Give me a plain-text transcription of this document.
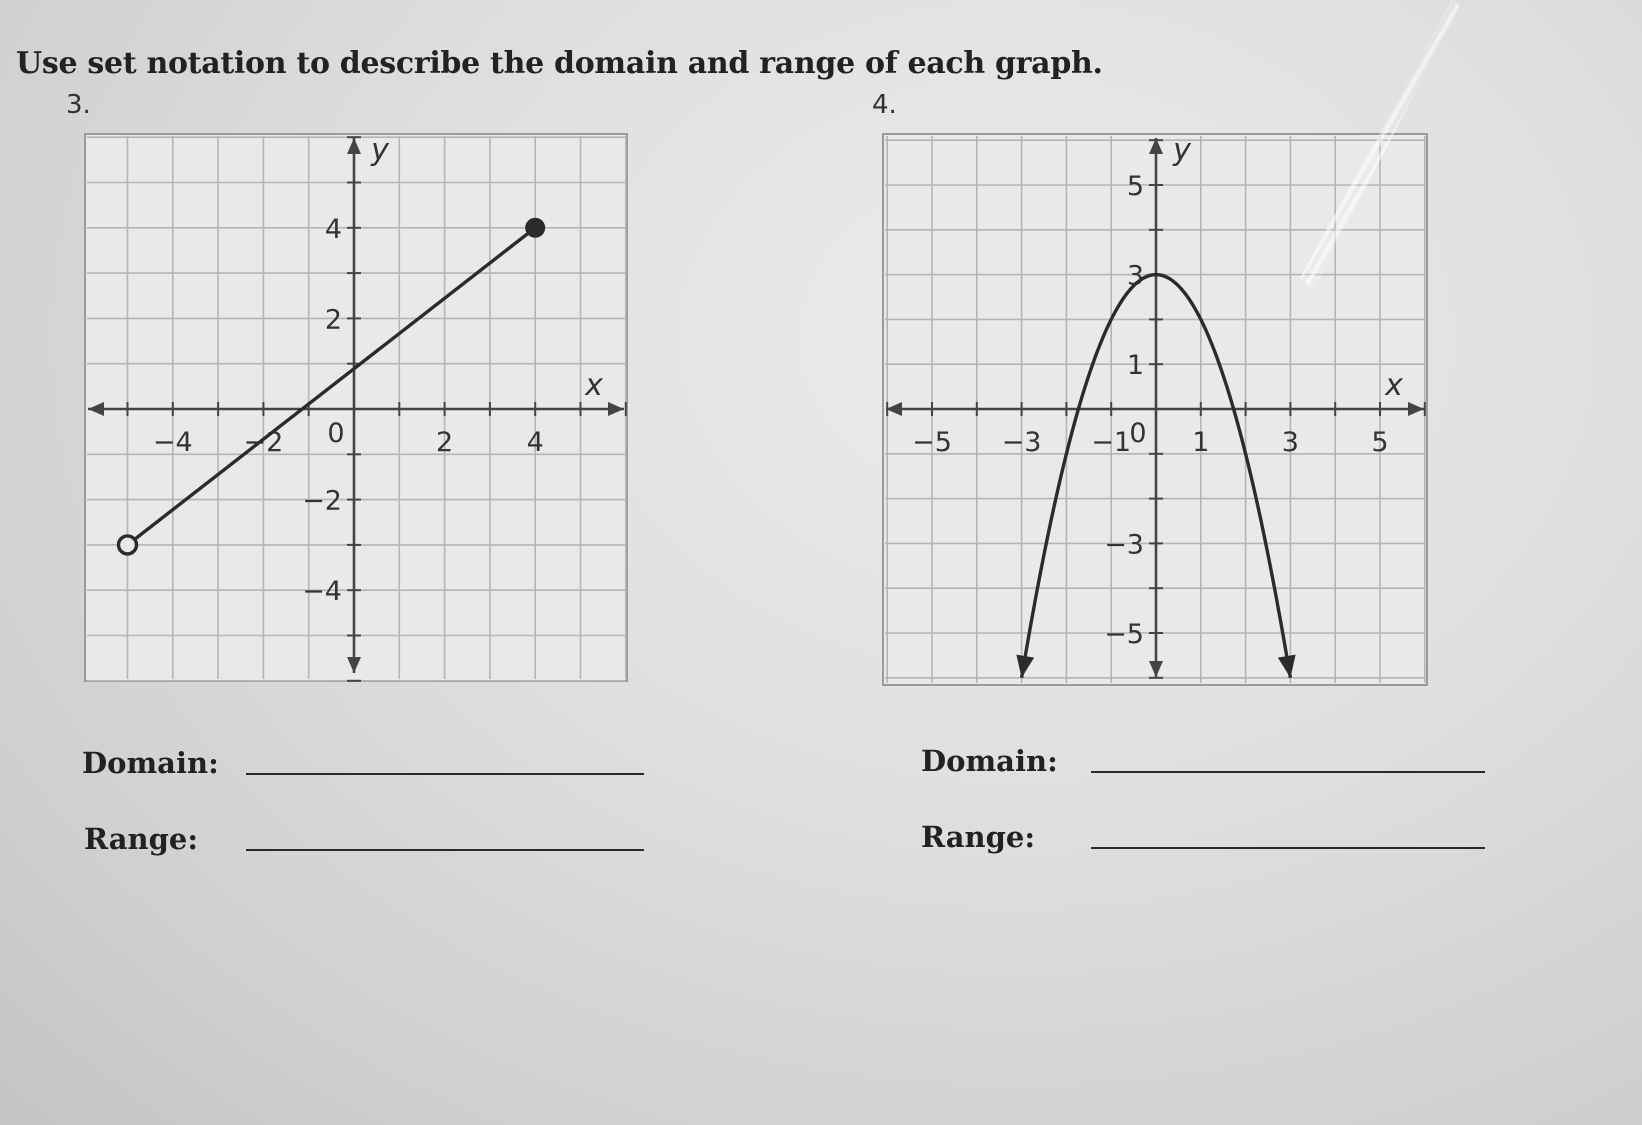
Use set notation to describe the domain and range of each graph.
3.
−4 −2 0	2	4
4
2
−2
−4
x
y
Domain:
Range:
4.
−5 −3 −1
0 1	3	5
5
3
1
−3
−5
x
y
Domain:
Range:
